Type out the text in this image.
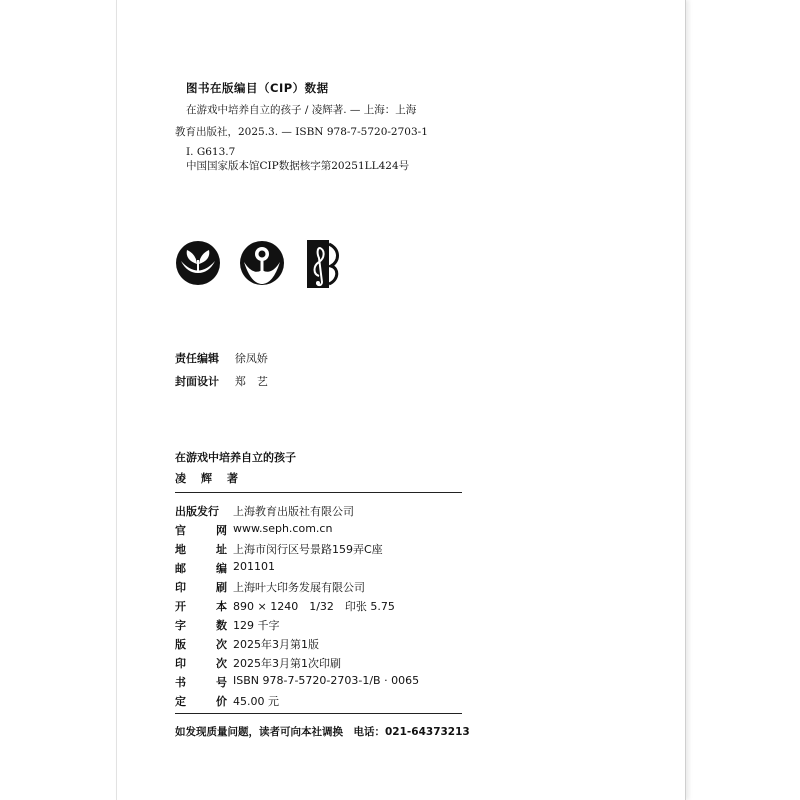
图书在版编目（CIP）数据
在游戏中培养自立的孩子 / 凌辉著. — 上海：上海
教育出版社，2025.3. — ISBN 978-7-5720-2703-1
Ⅰ. G613.7
中国国家版本馆CIP数据核字第20251LL424号
责任编辑 徐凤娇
封面设计 郑　艺
在游戏中培养自立的孩子
凌　辉　著
出版发行	上海教育出版社有限公司
官	网 www.seph.com.cn
地	址 上海市闵行区号景路159弄C座
邮	编 201101
印	刷 上海叶大印务发展有限公司
开	本 890 × 1240　1/32　印张 5.75
字	数 129 千字
版	次 2025年3月第1版
印	次 2025年3月第1次印刷
书	号 ISBN 978-7-5720-2703-1/B · 0065
定	价 45.00 元
如发现质量问题，读者可向本社调换　电话：021-64373213
